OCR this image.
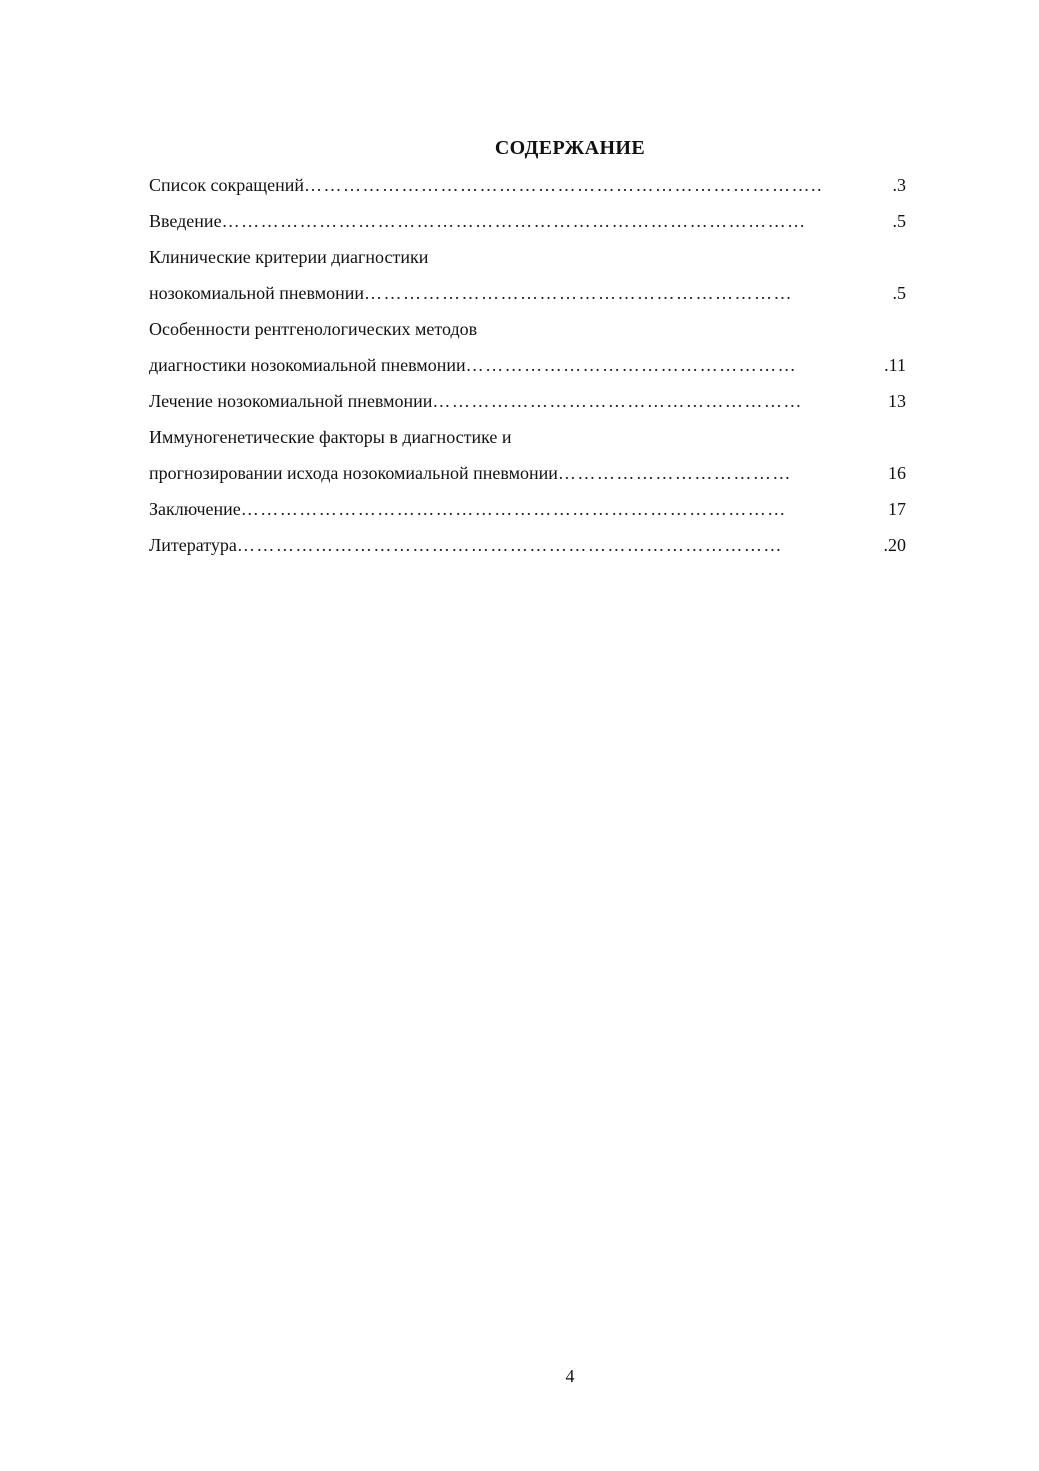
СОДЕРЖАНИЕ
Список сокращений ……………………………………………………………………..	.3
Введение ………………………………………………………………………………	.5
Клинические критерии диагностики
нозокомиальной пневмонии …………………………………………………………	.5
Особенности рентгенологических методов
диагностики нозокомиальной пневмонии ……………………………………………	.11
Лечение нозокомиальной пневмонии …………………………………………………	13
Иммуногенетические факторы в диагностике и
прогнозировании исхода нозокомиальной пневмонии ………………………………	16
Заключение …………………………………………………………………………	17
Литература …………………………………………………………………………	.20
4
